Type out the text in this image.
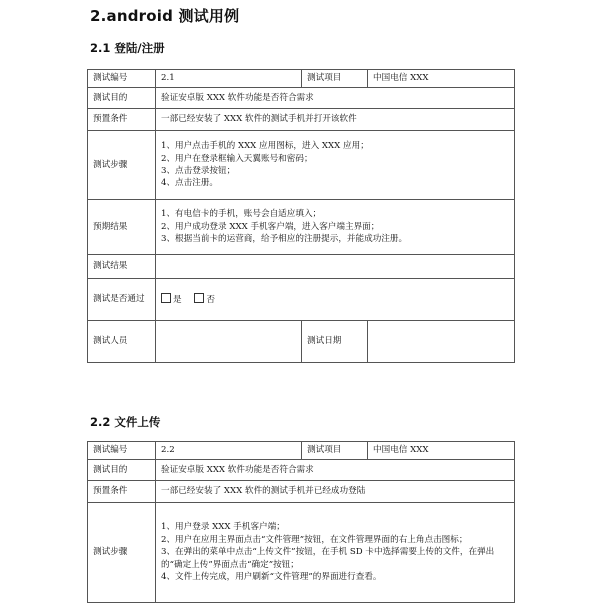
2.android 测试用例
2.1 登陆/注册
测试编号	2.1	测试项目	中国电信 XXX
测试目的	验证安卓版 XXX 软件功能是否符合需求		
预置条件	一部已经安装了 XXX 软件的测试手机并打开该软件		
测试步骤	1、用户点击手机的 XXX 应用图标，进入 XXX 应用；
2、用户在登录框输入天翼账号和密码；
3、点击登录按钮；
4、点击注册。		

预期结果	1、有电信卡的手机，账号会自适应填入；
2、用户成功登录 XXX 手机客户端，进入客户端主界面；
3、根据当前卡的运营商，给予相应的注册提示，并能成功注册。		

测试结果			
测试是否通过	是 否		
测试人员		测试日期	
2.2 文件上传
测试编号	2.2	测试项目	中国电信 XXX
测试目的	验证安卓版 XXX 软件功能是否符合需求		
预置条件	一部已经安装了 XXX 软件的测试手机并已经成功登陆		
测试步骤	1、用户登录 XXX 手机客户端；
2、用户在应用主界面点击“文件管理”按钮，在文件管理界面的右上角点击图标；
3、在弹出的菜单中点击“上传文件”按钮，在手机 SD 卡中选择需要上传的文件，在弹出的“确定上传”界面点击“确定”按钮；
4、文件上传完成，用户刷新“文件管理”的界面进行查看。		
